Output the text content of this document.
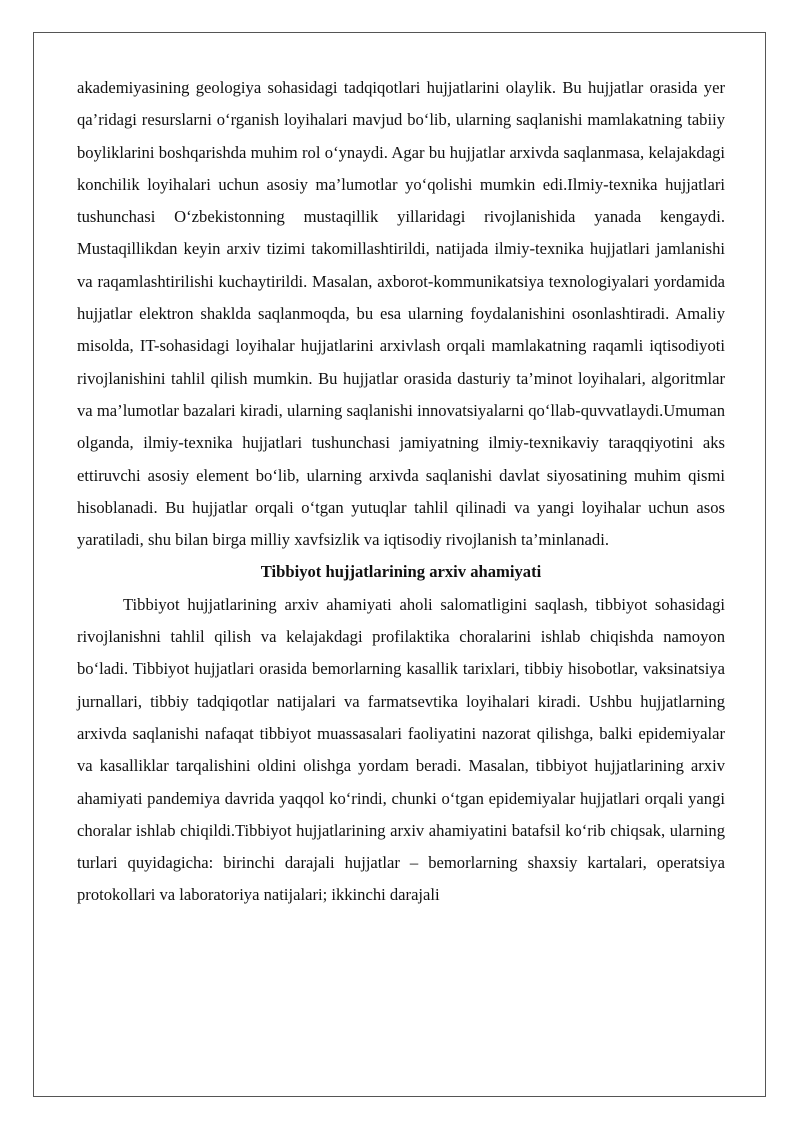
akademiyasining geologiya sohasidagi tadqiqotlari hujjatlarini olaylik. Bu hujjatlar orasida yer qa’ridagi resurslarni o‘rganish loyihalari mavjud bo‘lib, ularning saqlanishi mamlakatning tabiiy boyliklarini boshqarishda muhim rol o‘ynaydi. Agar bu hujjatlar arxivda saqlanmasa, kelajakdagi konchilik loyihalari uchun asosiy ma’lumotlar yo‘qolishi mumkin edi.Ilmiy-texnika hujjatlari tushunchasi O‘zbekistonning mustaqillik yillaridagi rivojlanishida yanada kengaydi. Mustaqillikdan keyin arxiv tizimi takomillashtirildi, natijada ilmiy-texnika hujjatlari jamlanishi va raqamlashtirilishi kuchaytirildi. Masalan, axborot-kommunikatsiya texnologiyalari yordamida hujjatlar elektron shaklda saqlanmoqda, bu esa ularning foydalanishini osonlashtiradi. Amaliy misolda, IT-sohasidagi loyihalar hujjatlarini arxivlash orqali mamlakatning raqamli iqtisodiyoti rivojlanishini tahlil qilish mumkin. Bu hujjatlar orasida dasturiy ta’minot loyihalari, algoritmlar va ma’lumotlar bazalari kiradi, ularning saqlanishi innovatsiyalarni qo‘llab-quvvatlaydi.Umuman olganda, ilmiy-texnika hujjatlari tushunchasi jamiyatning ilmiy-texnikaviy taraqqiyotini aks ettiruvchi asosiy element bo‘lib, ularning arxivda saqlanishi davlat siyosatining muhim qismi hisoblanadi. Bu hujjatlar orqali o‘tgan yutuqlar tahlil qilinadi va yangi loyihalar uchun asos yaratiladi, shu bilan birga milliy xavfsizlik va iqtisodiy rivojlanish ta’minlanadi.

Tibbiyot hujjatlarining arxiv ahamiyati

Tibbiyot hujjatlarining arxiv ahamiyati aholi salomatligini saqlash, tibbiyot sohasidagi rivojlanishni tahlil qilish va kelajakdagi profilaktika choralarini ishlab chiqishda namoyon bo‘ladi. Tibbiyot hujjatlari orasida bemorlarning kasallik tarixlari, tibbiy hisobotlar, vaksinatsiya jurnallari, tibbiy tadqiqotlar natijalari va farmatsevtika loyihalari kiradi. Ushbu hujjatlarning arxivda saqlanishi nafaqat tibbiyot muassasalari faoliyatini nazorat qilishga, balki epidemiyalar va kasalliklar tarqalishini oldini olishga yordam beradi. Masalan, tibbiyot hujjatlarining arxiv ahamiyati pandemiya davrida yaqqol ko‘rindi, chunki o‘tgan epidemiyalar hujjatlari orqali yangi choralar ishlab chiqildi.Tibbiyot hujjatlarining arxiv ahamiyatini batafsil ko‘rib chiqsak, ularning turlari quyidagicha: birinchi darajali hujjatlar – bemorlarning shaxsiy kartalari, operatsiya protokollari va laboratoriya natijalari; ikkinchi darajali
